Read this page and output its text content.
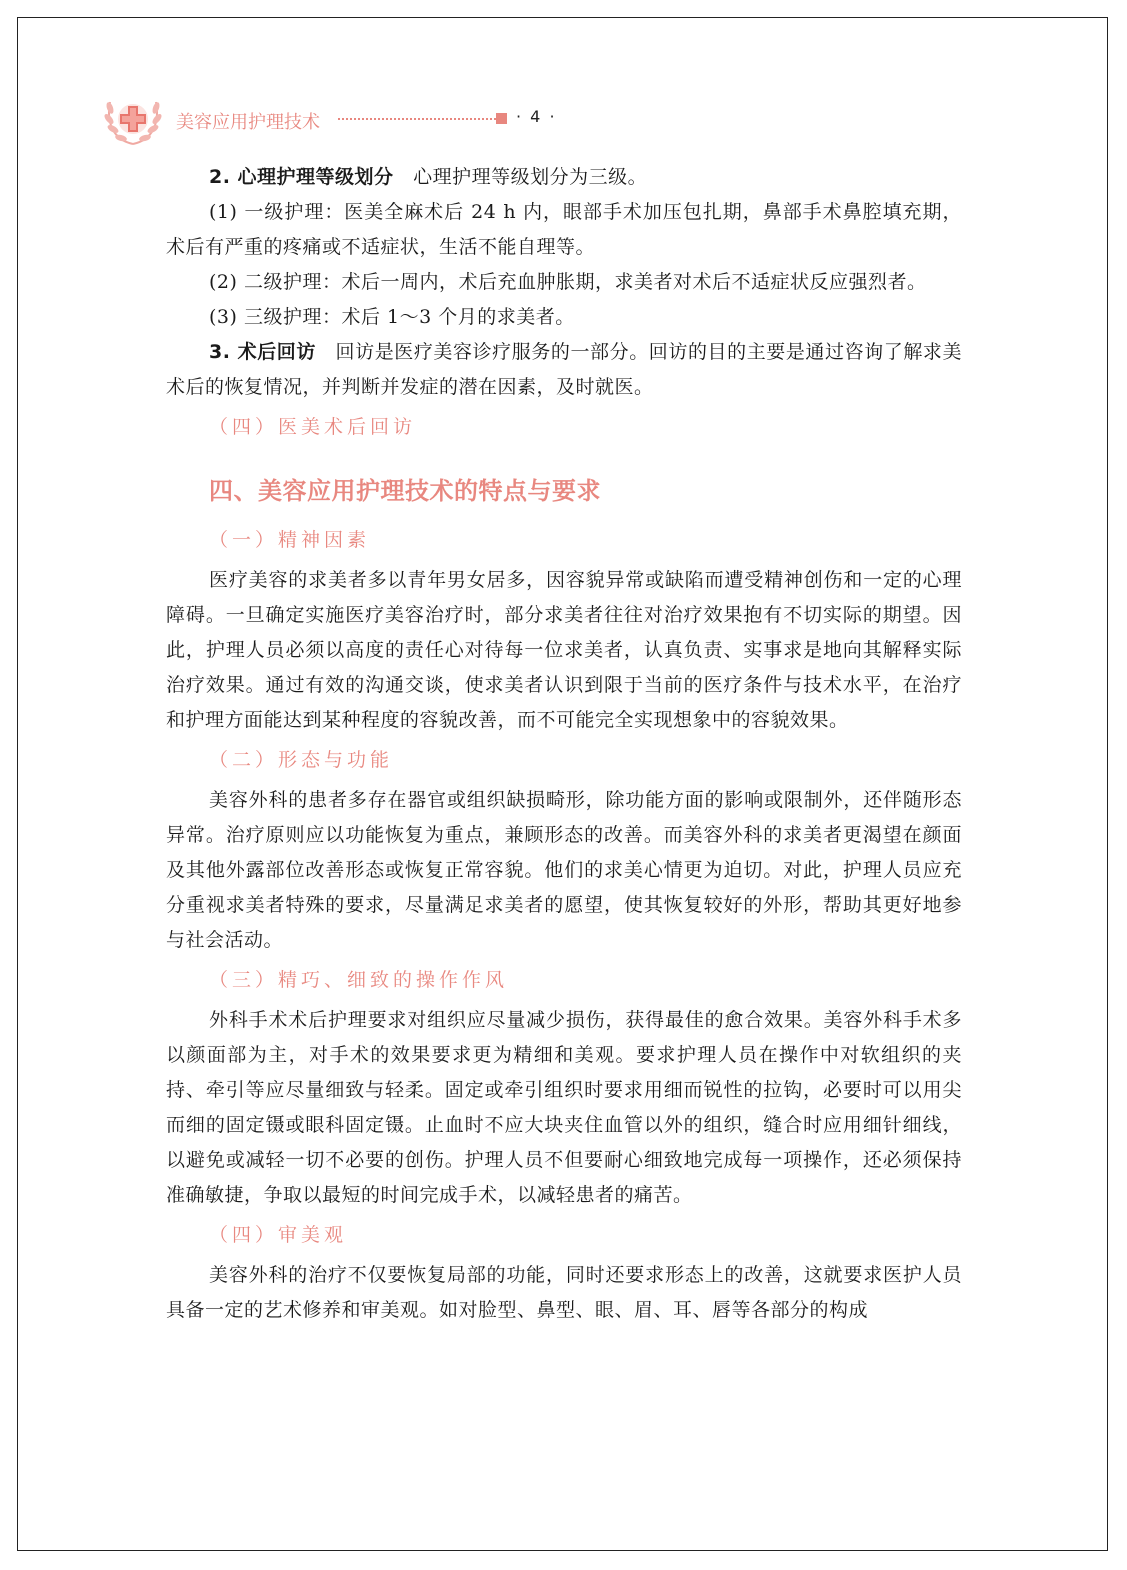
美容应用护理技术	· 4 ·

2. 心理护理等级划分　心理护理等级划分为三级。

(1) 一级护理：医美全麻术后 24 h 内，眼部手术加压包扎期，鼻部手术鼻腔填充期，术后有严重的疼痛或不适症状，生活不能自理等。

(2) 二级护理：术后一周内，术后充血肿胀期，求美者对术后不适症状反应强烈者。

(3) 三级护理：术后 1～3 个月的求美者。

3. 术后回访　回访是医疗美容诊疗服务的一部分。回访的目的主要是通过咨询了解求美术后的恢复情况，并判断并发症的潜在因素，及时就医。

（四）医美术后回访

四、美容应用护理技术的特点与要求

（一）精神因素

医疗美容的求美者多以青年男女居多，因容貌异常或缺陷而遭受精神创伤和一定的心理障碍。一旦确定实施医疗美容治疗时，部分求美者往往对治疗效果抱有不切实际的期望。因此，护理人员必须以高度的责任心对待每一位求美者，认真负责、实事求是地向其解释实际治疗效果。通过有效的沟通交谈，使求美者认识到限于当前的医疗条件与技术水平，在治疗和护理方面能达到某种程度的容貌改善，而不可能完全实现想象中的容貌效果。

（二）形态与功能

美容外科的患者多存在器官或组织缺损畸形，除功能方面的影响或限制外，还伴随形态异常。治疗原则应以功能恢复为重点，兼顾形态的改善。而美容外科的求美者更渴望在颜面及其他外露部位改善形态或恢复正常容貌。他们的求美心情更为迫切。对此，护理人员应充分重视求美者特殊的要求，尽量满足求美者的愿望，使其恢复较好的外形，帮助其更好地参与社会活动。

（三）精巧、细致的操作作风

外科手术术后护理要求对组织应尽量减少损伤，获得最佳的愈合效果。美容外科手术多以颜面部为主，对手术的效果要求更为精细和美观。要求护理人员在操作中对软组织的夹持、牵引等应尽量细致与轻柔。固定或牵引组织时要求用细而锐性的拉钩，必要时可以用尖而细的固定镊或眼科固定镊。止血时不应大块夹住血管以外的组织，缝合时应用细针细线，以避免或减轻一切不必要的创伤。护理人员不但要耐心细致地完成每一项操作，还必须保持准确敏捷，争取以最短的时间完成手术，以减轻患者的痛苦。

（四）审美观

美容外科的治疗不仅要恢复局部的功能，同时还要求形态上的改善，这就要求医护人员具备一定的艺术修养和审美观。如对脸型、鼻型、眼、眉、耳、唇等各部分的构成
